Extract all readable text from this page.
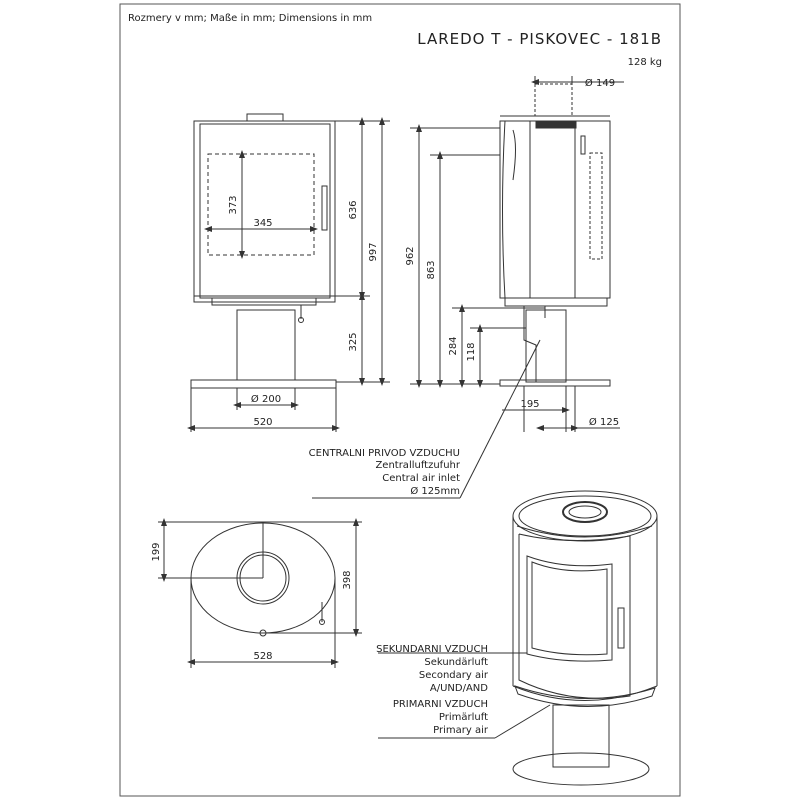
Rozmery v mm; Maße in mm; Dimensions in mm
LAREDO T - PISKOVEC - 181B
128 kg
345
373	636
325
997
Ø 200
520
Ø 149
962
863
284 118
195
Ø 125
CENTRALNI PRIVOD VZDUCHU
Zentralluftzufuhr
Central air inlet
Ø 125mm
199
398
528
SEKUNDARNI VZDUCH
Sekundärluft
Secondary air
A/UND/AND
PRIMARNI VZDUCH
Primärluft
Primary air
